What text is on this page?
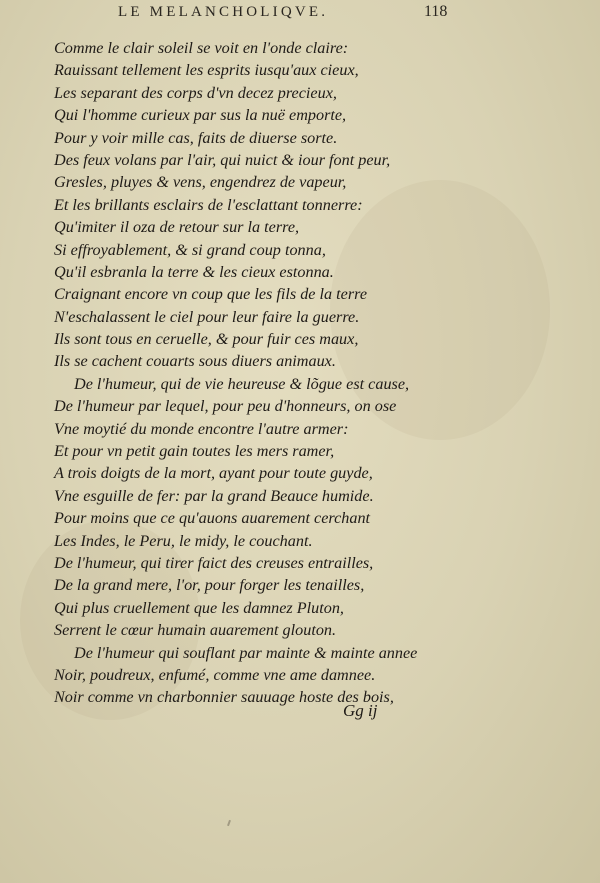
LE MELANCHOLIQVE.	118
Comme le clair soleil se voit en l'onde claire:
Rauissant tellement les esprits iusqu'aux cieux,
Les separant des corps d'vn decez precieux,
Qui l'homme curieux par sus la nuë emporte,
Pour y voir mille cas, faits de diuerse sorte.
Des feux volans par l'air, qui nuict & iour font peur,
Gresles, pluyes & vens, engendrez de vapeur,
Et les brillants esclairs de l'esclattant tonnerre:
Qu'imiter il oza de retour sur la terre,
Si effroyablement, & si grand coup tonna,
Qu'il esbranla la terre & les cieux estonna.
Craignant encore vn coup que les fils de la terre
N'eschalassent le ciel pour leur faire la guerre.
Ils sont tous en ceruelle, & pour fuir ces maux,
Ils se cachent couarts sous diuers animaux.
De l'humeur, qui de vie heureuse & lõgue est cause,
De l'humeur par lequel, pour peu d'honneurs, on ose
Vne moytié du monde encontre l'autre armer:
Et pour vn petit gain toutes les mers ramer,
A trois doigts de la mort, ayant pour toute guyde,
Vne esguille de fer: par la grand Beauce humide.
Pour moins que ce qu'auons auarement cerchant
Les Indes, le Peru, le midy, le couchant.
De l'humeur, qui tirer faict des creuses entrailles,
De la grand mere, l'or, pour forger les tenailles,
Qui plus cruellement que les damnez Pluton,
Serrent le cœur humain auarement glouton.
De l'humeur qui souflant par mainte & mainte annee
Noir, poudreux, enfumé, comme vne ame damnee.
Noir comme vn charbonnier sauuage hoste des bois,
Gg ij
